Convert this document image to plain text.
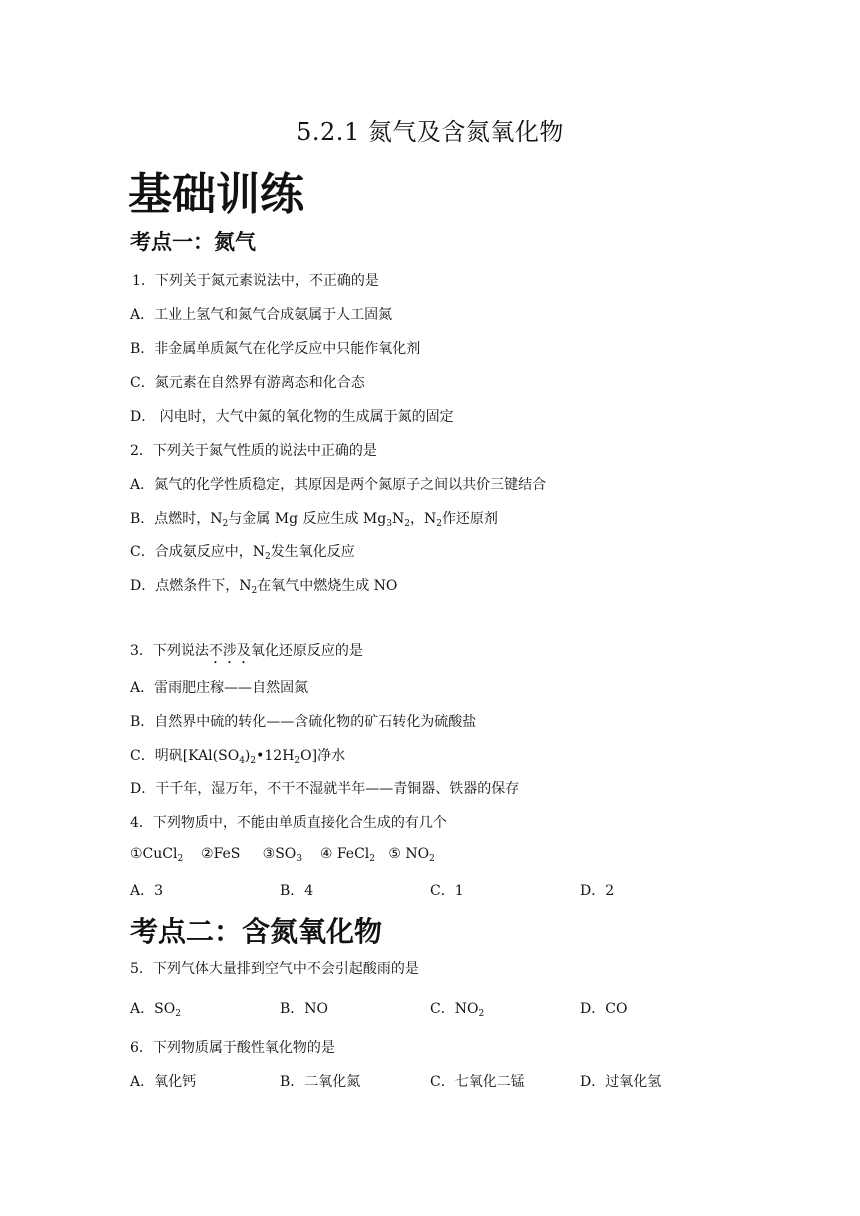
5.2.1 氮气及含氮氧化物
基础训练
考点一：氮气
1．下列关于氮元素说法中，不正确的是
A．工业上氢气和氮气合成氨属于人工固氮
B．非金属单质氮气在化学反应中只能作氧化剂
C．氮元素在自然界有游离态和化合态
D． 闪电时，大气中氮的氧化物的生成属于氮的固定
2．下列关于氮气性质的说法中正确的是
A．氮气的化学性质稳定，其原因是两个氮原子之间以共价三键结合
B．点燃时，$N_2$与金属 Mg 反应生成 $Mg_3N_2$，$N_2$作还原剂
C．合成氨反应中，$N_2$发生氧化反应
D．点燃条件下，$N_2$在氧气中燃烧生成 NO
3．下列说法不涉及氧化还原反应的是
A．雷雨肥庄稼——自然固氮
B．自然界中硫的转化——含硫化物的矿石转化为硫酸盐
C．明矾$[KAl(SO_4)_2•12H_2O]$净水
D．干千年，湿万年，不干不湿就半年——青铜器、铁器的保存
4．下列物质中，不能由单质直接化合生成的有几个
①CuCl$_2$ ②FeS $③SO_3$ ④ FeCl$_2$ ⑤ $NO_2$
A．3	B．4	C．1	D．2
考点二：含氮氧化物
5．下列气体大量排到空气中不会引起酸雨的是
A．$SO_2$	B．NO	C．$NO_2$	D．CO
6．下列物质属于酸性氧化物的是
A．氧化钙	B．二氧化氮	C．七氧化二锰	D．过氧化氢
